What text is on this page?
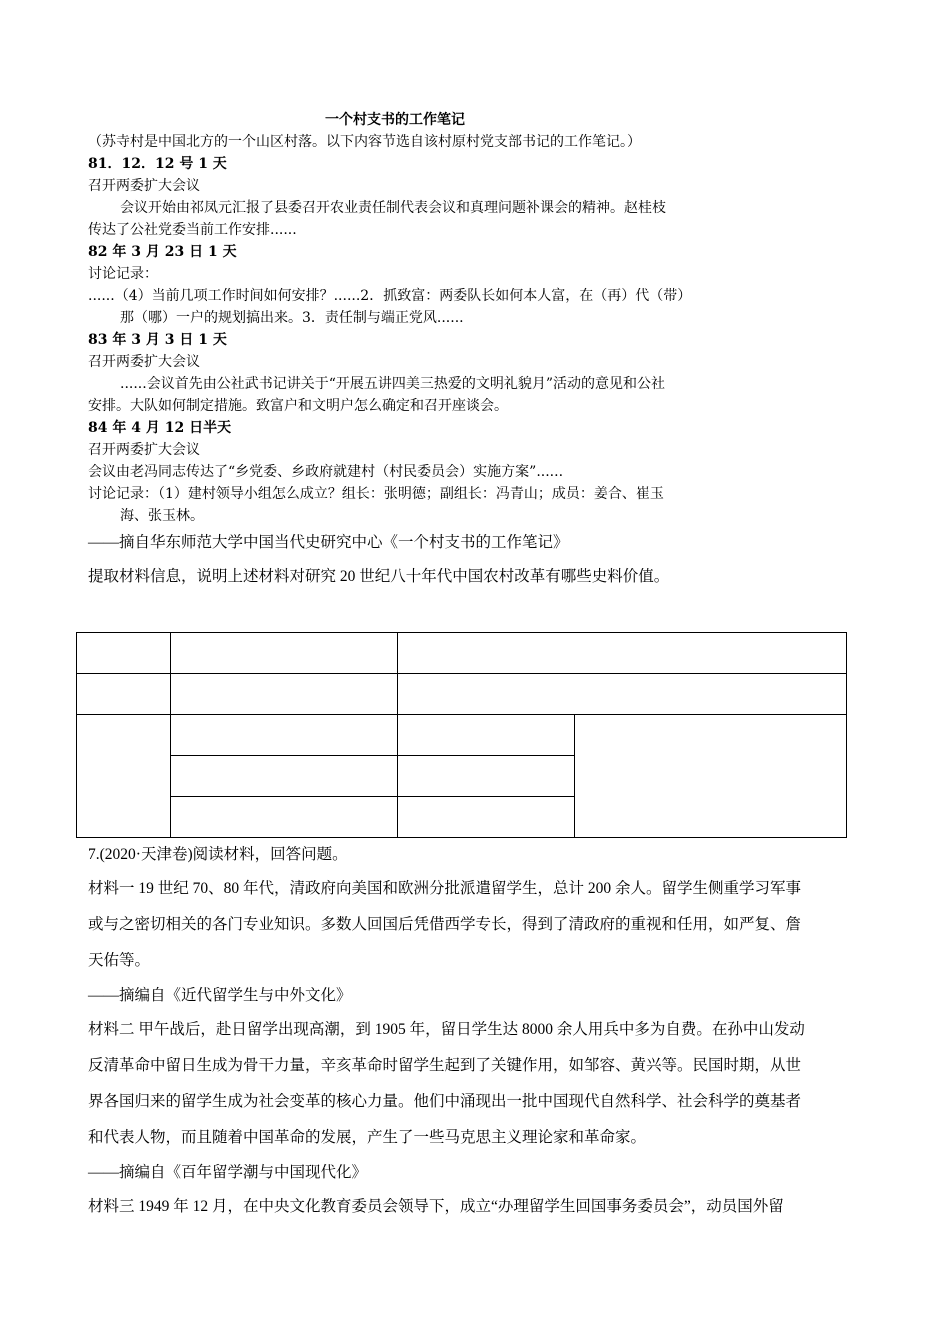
一个村支书的工作笔记

（苏寺村是中国北方的一个山区村落。以下内容节选自该村原村党支部书记的工作笔记。）

81．12．12 号 1 天

召开两委扩大会议

会议开始由祁凤元汇报了县委召开农业责任制代表会议和真理问题补课会的精神。赵桂枝

传达了公社党委当前工作安排......

82 年 3 月 23 日 1 天

讨论记录：

......（4）当前几项工作时间如何安排？......2．抓致富：两委队长如何本人富，在（再）代（带）

那（哪）一户的规划搞出来。3．责任制与端正党风......

83 年 3 月 3 日 1 天

召开两委扩大会议

......会议首先由公社武书记讲关于“开展五讲四美三热爱的文明礼貌月”活动的意见和公社

安排。大队如何制定措施。致富户和文明户怎么确定和召开座谈会。

84 年 4 月 12 日半天

召开两委扩大会议

会议由老冯同志传达了“乡党委、乡政府就建村（村民委员会）实施方案”......

讨论记录：（1）建村领导小组怎么成立？组长：张明德；副组长：冯青山；成员：姜合、崔玉

海、张玉林。

——摘自华东师范大学中国当代史研究中心《一个村支书的工作笔记》

提取材料信息，说明上述材料对研究 20 世纪八十年代中国农村改革有哪些史料价值。

7.(2020·天津卷)阅读材料，回答问题。

材料一 19 世纪 70、80 年代，清政府向美国和欧洲分批派遣留学生，总计 200 余人。留学生侧重学习军事

或与之密切相关的各门专业知识。多数人回国后凭借西学专长，得到了清政府的重视和任用，如严复、詹

天佑等。

——摘编自《近代留学生与中外文化》

材料二 甲午战后，赴日留学出现高潮，到 1905 年，留日学生达 8000 余人用兵中多为自费。在孙中山发动

反清革命中留日生成为骨干力量，辛亥革命时留学生起到了关键作用，如邹容、黄兴等。民国时期，从世

界各国归来的留学生成为社会变革的核心力量。他们中涌现出一批中国现代自然科学、社会科学的奠基者

和代表人物，而且随着中国革命的发展，产生了一些马克思主义理论家和革命家。

——摘编自《百年留学潮与中国现代化》

材料三 1949 年 12 月，在中央文化教育委员会领导下，成立“办理留学生回国事务委员会”，动员国外留
